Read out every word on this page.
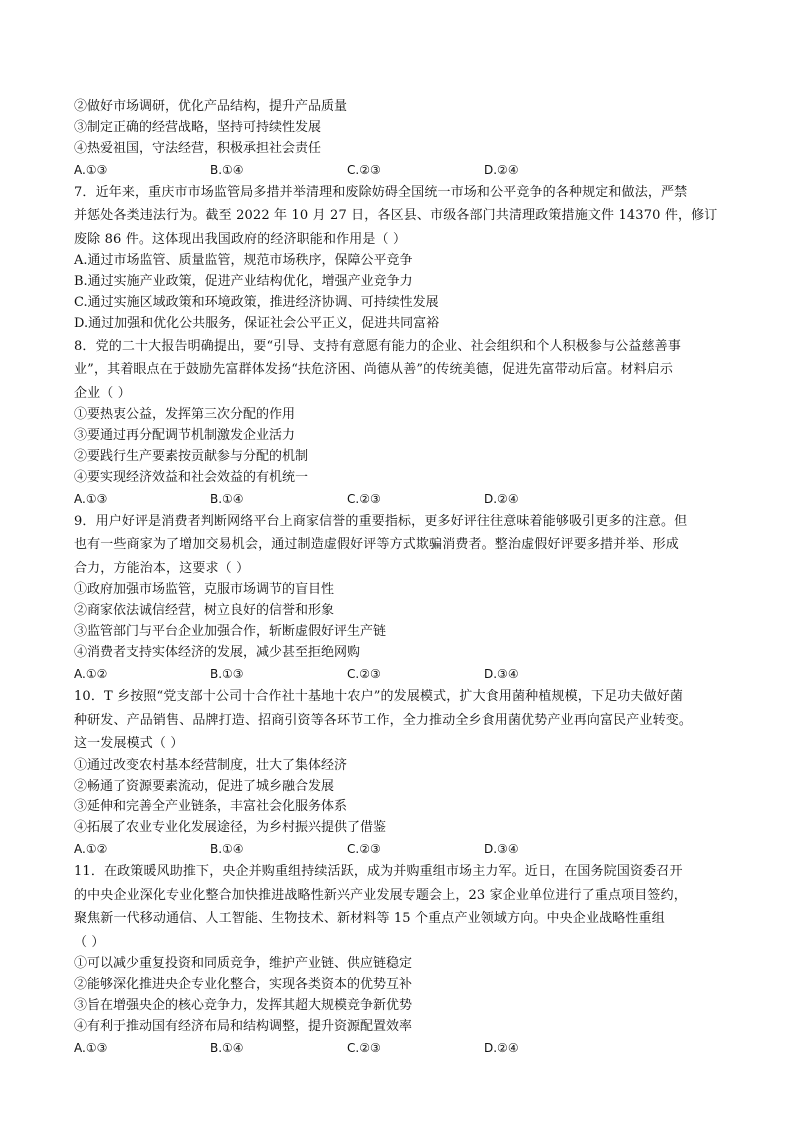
②做好市场调研，优化产品结构，提升产品质量
③制定正确的经营战略，坚持可持续性发展
④热爱祖国，守法经营，积极承担社会责任
A.①③	B.①④	C.②③	D.②④
7．近年来，重庆市市场监管局多措并举清理和废除妨碍全国统一市场和公平竞争的各种规定和做法，严禁
并惩处各类违法行为。截至 2022 年 10 月 27 日，各区县、市级各部门共清理政策措施文件 14370 件，修订
废除 86 件。这体现出我国政府的经济职能和作用是（ ）
A.通过市场监管、质量监管，规范市场秩序，保障公平竞争
B.通过实施产业政策，促进产业结构优化，增强产业竞争力
C.通过实施区域政策和环境政策，推进经济协调、可持续性发展
D.通过加强和优化公共服务，保证社会公平正义，促进共同富裕
8．党的二十大报告明确提出，要“引导、支持有意愿有能力的企业、社会组织和个人积极参与公益慈善事
业”，其着眼点在于鼓励先富群体发扬“扶危济困、尚德从善”的传统美德，促进先富带动后富。材料启示
企业（ ）
①要热衷公益，发挥第三次分配的作用
③要通过再分配调节机制激发企业活力
②要践行生产要素按贡献参与分配的机制
④要实现经济效益和社会效益的有机统一
A.①③	B.①④	C.②③	D.②④
9．用户好评是消费者判断网络平台上商家信誉的重要指标，更多好评往往意味着能够吸引更多的注意。但
也有一些商家为了增加交易机会，通过制造虚假好评等方式欺骗消费者。整治虚假好评要多措并举、形成
合力，方能治本，这要求（ ）
①政府加强市场监管，克服市场调节的盲目性
②商家依法诚信经营，树立良好的信誉和形象
③监管部门与平台企业加强合作，斩断虚假好评生产链
④消费者支持实体经济的发展，减少甚至拒绝网购
A.①②	B.①③	C.②③	D.③④
10．T 乡按照“党支部十公司十合作社十基地十农户”的发展模式，扩大食用菌种植规模，下足功夫做好菌
种研发、产品销售、品牌打造、招商引资等各环节工作，全力推动全乡食用菌优势产业再向富民产业转变。
这一发展模式（ ）
①通过改变农村基本经营制度，壮大了集体经济
②畅通了资源要素流动，促进了城乡融合发展
③延伸和完善全产业链条，丰富社会化服务体系
④拓展了农业专业化发展途径，为乡村振兴提供了借鉴
A.①②	B.①④	C.②③	D.③④
11．在政策暖风助推下，央企并购重组持续活跃，成为并购重组市场主力军。近日，在国务院国资委召开
的中央企业深化专业化整合加快推进战略性新兴产业发展专题会上，23 家企业单位进行了重点项目签约，
聚焦新一代移动通信、人工智能、生物技术、新材料等 15 个重点产业领域方向。中央企业战略性重组
（ ）
①可以减少重复投资和同质竞争，维护产业链、供应链稳定
②能够深化推进央企专业化整合，实现各类资本的优势互补
③旨在增强央企的核心竞争力，发挥其超大规模竞争新优势
④有利于推动国有经济布局和结构调整，提升资源配置效率
A.①③	B.①④	C.②③	D.②④
